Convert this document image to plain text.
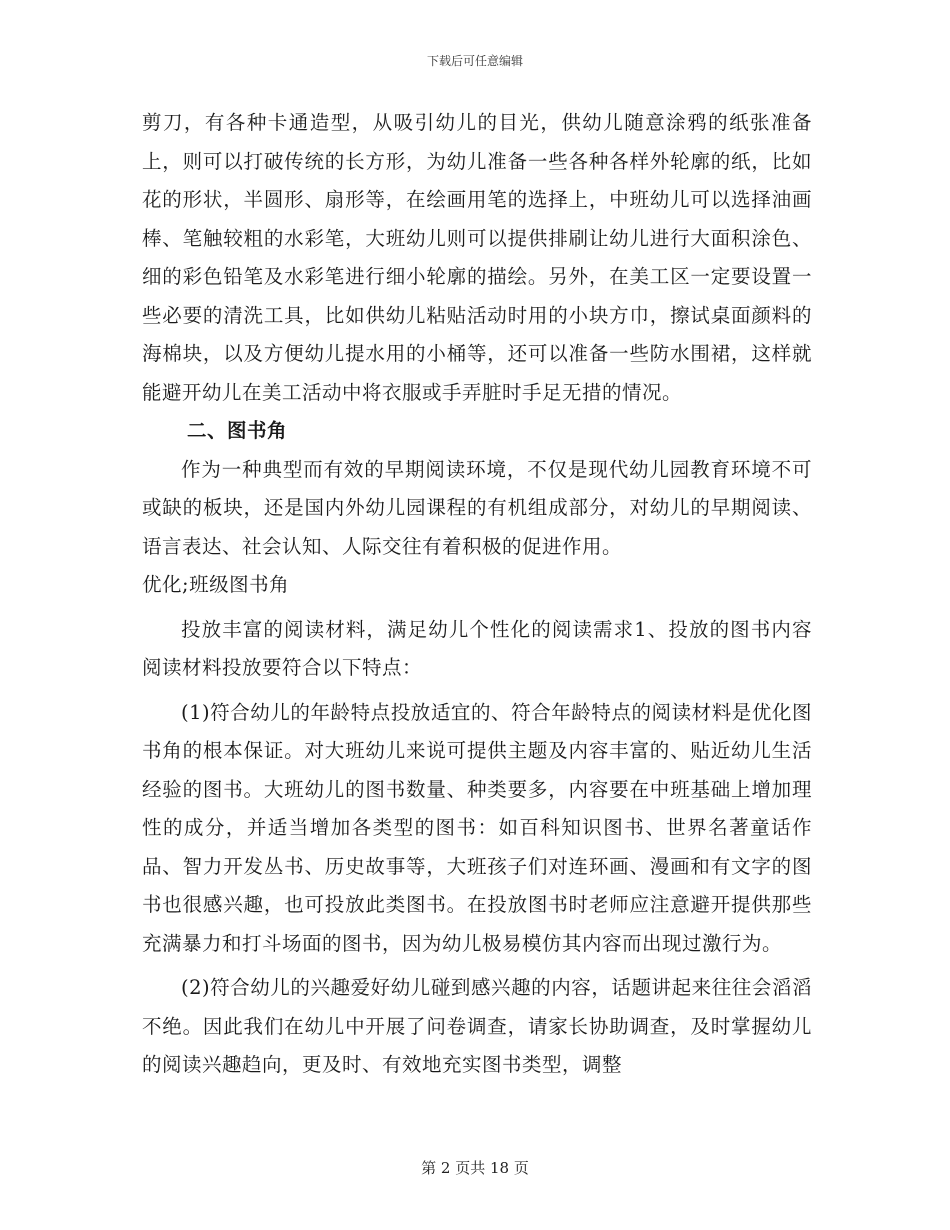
下载后可任意编辑

剪刀，有各种卡通造型，从吸引幼儿的目光，供幼儿随意涂鸦的纸张准备上，则可以打破传统的长方形，为幼儿准备一些各种各样外轮廓的纸，比如花的形状，半圆形、扇形等，在绘画用笔的选择上，中班幼儿可以选择油画棒、笔触较粗的水彩笔，大班幼儿则可以提供排刷让幼儿进行大面积涂色、细的彩色铅笔及水彩笔进行细小轮廓的描绘。另外，在美工区一定要设置一些必要的清洗工具，比如供幼儿粘贴活动时用的小块方巾，擦试桌面颜料的海棉块，以及方便幼儿提水用的小桶等，还可以准备一些防水围裙，这样就能避开幼儿在美工活动中将衣服或手弄脏时手足无措的情况。

二、图书角

作为一种典型而有效的早期阅读环境，不仅是现代幼儿园教育环境不可或缺的板块，还是国内外幼儿园课程的有机组成部分，对幼儿的早期阅读、语言表达、社会认知、人际交往有着积极的促进作用。

优化;班级图书角

投放丰富的阅读材料，满足幼儿个性化的阅读需求1、投放的图书内容阅读材料投放要符合以下特点：

(1)符合幼儿的年龄特点投放适宜的、符合年龄特点的阅读材料是优化图书角的根本保证。对大班幼儿来说可提供主题及内容丰富的、贴近幼儿生活经验的图书。大班幼儿的图书数量、种类要多，内容要在中班基础上增加理性的成分，并适当增加各类型的图书：如百科知识图书、世界名著童话作品、智力开发丛书、历史故事等，大班孩子们对连环画、漫画和有文字的图书也很感兴趣，也可投放此类图书。在投放图书时老师应注意避开提供那些充满暴力和打斗场面的图书，因为幼儿极易模仿其内容而出现过激行为。

(2)符合幼儿的兴趣爱好幼儿碰到感兴趣的内容，话题讲起来往往会滔滔不绝。因此我们在幼儿中开展了问卷调查，请家长协助调查，及时掌握幼儿的阅读兴趣趋向，更及时、有效地充实图书类型，调整

第 2 页共 18 页
